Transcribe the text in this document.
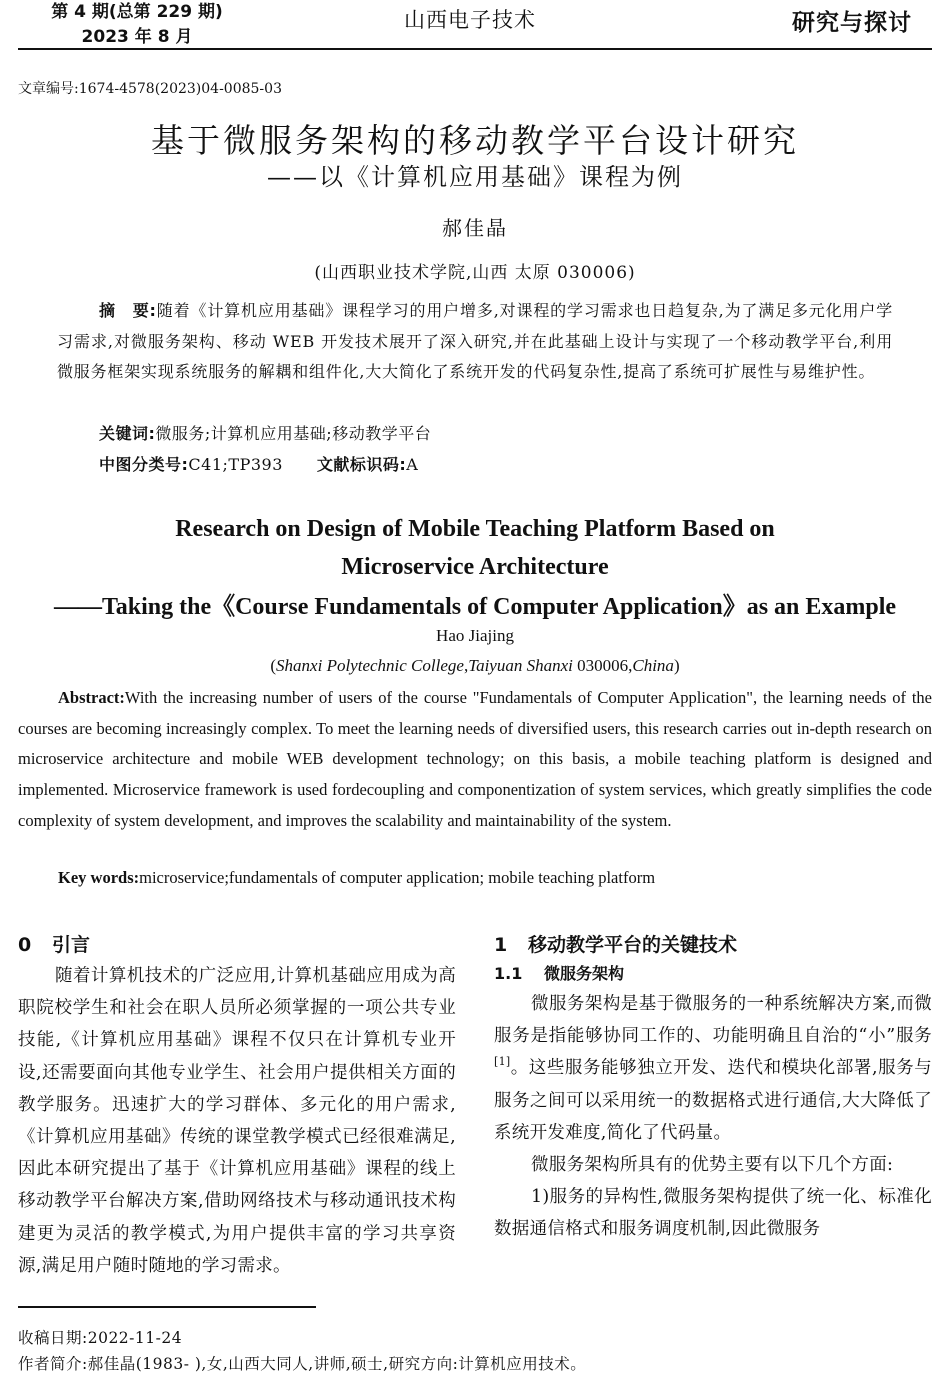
第 4 期(总第 229 期)
2023 年 8 月
山西电子技术	研究与探讨
文章编号:1674-4578(2023)04-0085-03
基于微服务架构的移动教学平台设计研究
——以《计算机应用基础》课程为例
郝佳晶
(山西职业技术学院,山西 太原 030006)
摘　要:随着《计算机应用基础》课程学习的用户增多,对课程的学习需求也日趋复杂,为了满足多元化用户学习需求,对微服务架构、移动 WEB 开发技术展开了深入研究,并在此基础上设计与实现了一个移动教学平台,利用微服务框架实现系统服务的解耦和组件化,大大简化了系统开发的代码复杂性,提高了系统可扩展性与易维护性。
关键词:微服务;计算机应用基础;移动教学平台
中图分类号:C41;TP393 文献标识码:A
Research on Design of Mobile Teaching Platform Based on
Microservice Architecture
——Taking the《Course Fundamentals of Computer Application》as an Example
Hao Jiajing
(Shanxi Polytechnic College,Taiyuan Shanxi 030006,China)
Abstract:With the increasing number of users of the course "Fundamentals of Computer Application", the learning needs of the courses are becoming increasingly complex. To meet the learning needs of diversified users, this research carries out in-depth research on microservice architecture and mobile WEB development technology; on this basis, a mobile teaching platform is designed and implemented. Microservice framework is used fordecoupling and componentization of system services, which greatly simplifies the code complexity of system development, and improves the scalability and maintainability of the system.
Key words:microservice;fundamentals of computer application; mobile teaching platform
0 引言
随着计算机技术的广泛应用,计算机基础应用成为高职院校学生和社会在职人员所必须掌握的一项公共专业技能,《计算机应用基础》课程不仅只在计算机专业开设,还需要面向其他专业学生、社会用户提供相关方面的教学服务。迅速扩大的学习群体、多元化的用户需求,《计算机应用基础》传统的课堂教学模式已经很难满足,因此本研究提出了基于《计算机应用基础》课程的线上移动教学平台解决方案,借助网络技术与移动通讯技术构建更为灵活的教学模式,为用户提供丰富的学习共享资源,满足用户随时随地的学习需求。
1 移动教学平台的关键技术
1.1 微服务架构
微服务架构是基于微服务的一种系统解决方案,而微服务是指能够协同工作的、功能明确且自治的“小”服务[1]。这些服务能够独立开发、迭代和模块化部署,服务与服务之间可以采用统一的数据格式进行通信,大大降低了系统开发难度,简化了代码量。
微服务架构所具有的优势主要有以下几个方面:
1)服务的异构性,微服务架构提供了统一化、标准化数据通信格式和服务调度机制,因此微服务
收稿日期:2022-11-24
作者简介:郝佳晶(1983- ),女,山西大同人,讲师,硕士,研究方向:计算机应用技术。
